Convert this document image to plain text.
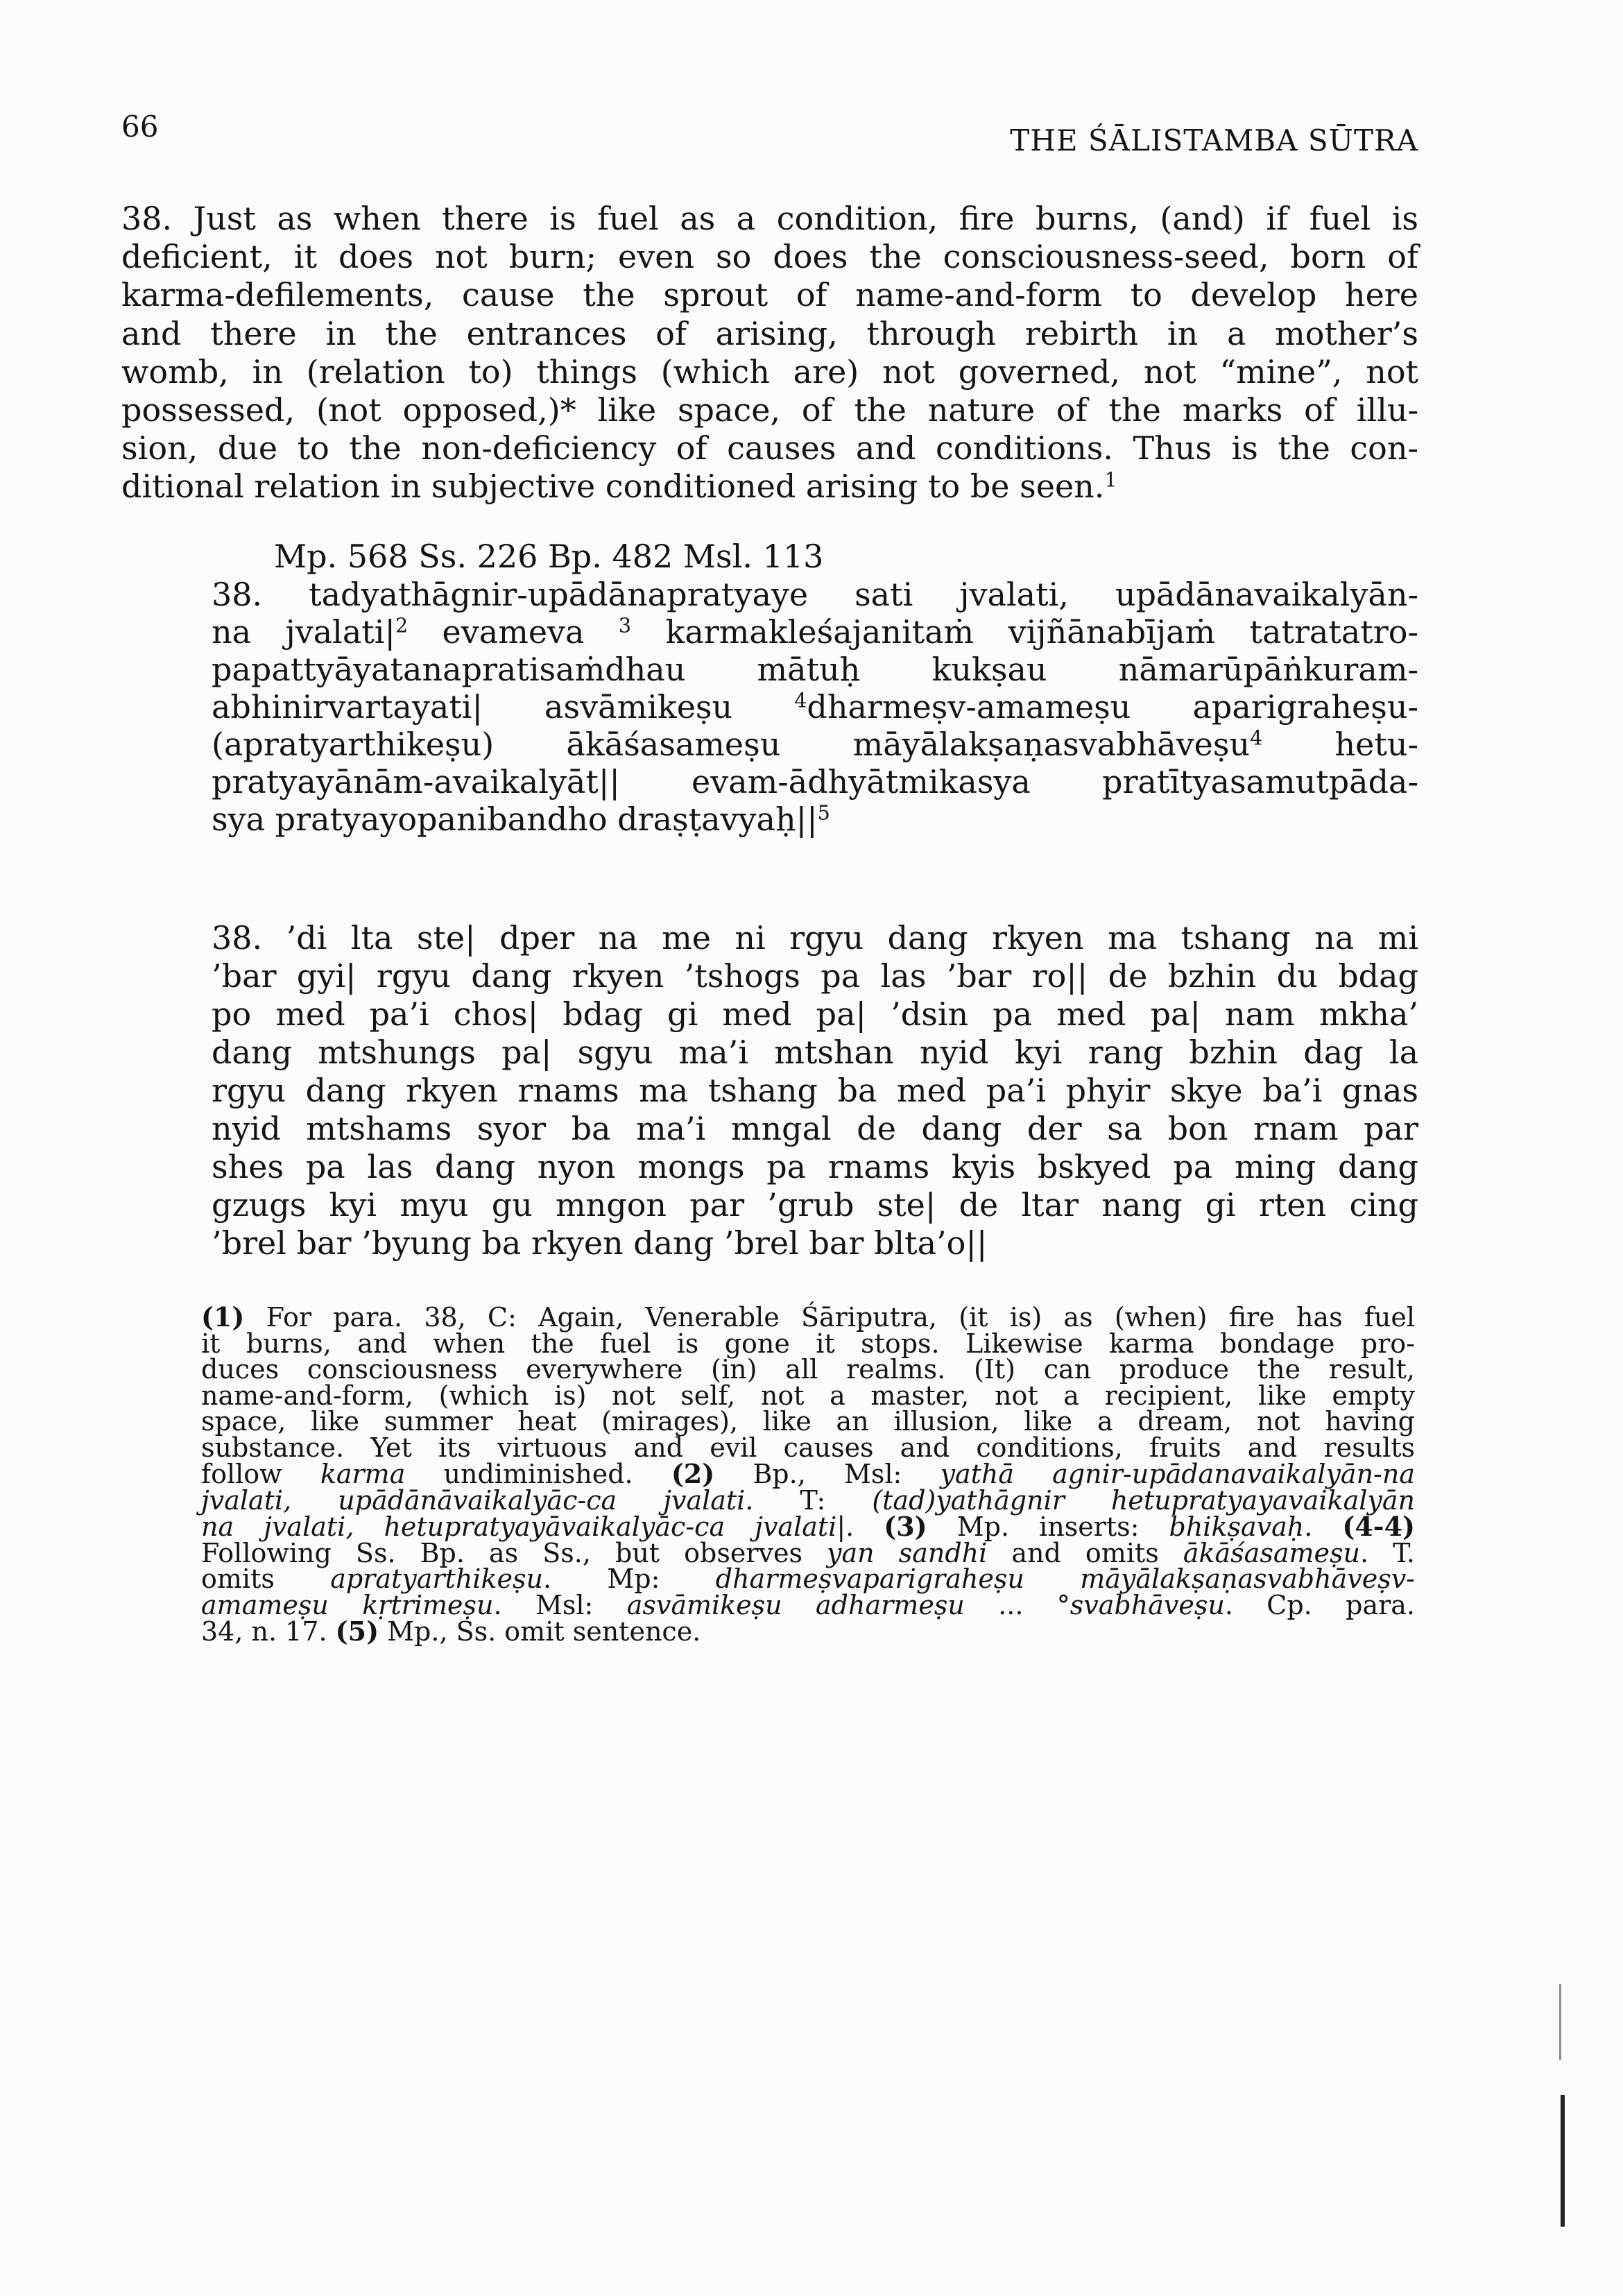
66	THE ŚĀLISTAMBA SŪTRA
38. Just as when there is fuel as a condition, fire burns, (and) if fuel is
deficient, it does not burn; even so does the consciousness-seed, born of
karma-defilements, cause the sprout of name-and-form to develop here
and there in the entrances of arising, through rebirth in a mother’s
womb, in (relation to) things (which are) not governed, not “mine”, not
possessed, (not opposed,)* like space, of the nature of the marks of illu-
sion, due to the non-deficiency of causes and conditions. Thus is the con-
ditional relation in subjective conditioned arising to be seen.$^1$
Mp. 568 Ss. 226 Bp. 482 Msl. 113
38. tadyathāgnir-upādānapratyaye sati jvalati, upādānavaikalyān-
na $jvalati|^2$ evameva $^3$ karmakleśajanitaṁ vijñānabījaṁ tatratatro-
papattyāyatanapratisaṁdhau mātuḥ kukṣau nāmarūpāṅkuram-
abhinirvartayati| asvāmikeṣu $^4$dharmeṣv-amameṣu aparigraheṣu-
(apratyarthikeṣu) ākāśasameṣu māyālakṣaṇasvabhāveṣu$^4$ hetu-
pratyayānām-avaikalyāt|| evam-ādhyātmikasya pratītyasamutpāda-
sya pratyayopanibandho $draṣṭavyaḥ||^5$
38. ’di lta ste| dper na me ni rgyu dang rkyen ma tshang na mi
’bar gyi| rgyu dang rkyen ’tshogs pa las ’bar ro|| de bzhin du bdag
po med pa’i chos| bdag gi med pa| ’dsin pa med pa| nam mkha’
dang mtshungs pa| sgyu ma’i mtshan nyid kyi rang bzhin dag la
rgyu dang rkyen rnams ma tshang ba med pa’i phyir skye ba’i gnas
nyid mtshams syor ba ma’i mngal de dang der sa bon rnam par
shes pa las dang nyon mongs pa rnams kyis bskyed pa ming dang
gzugs kyi myu gu mngon par ’grub ste| de ltar nang gi rten cing
’brel bar ’byung ba rkyen dang ’brel bar blta’o||
(1) For para. 38, C: Again, Venerable Śāriputra, (it is) as (when) fire has fuel
it burns, and when the fuel is gone it stops. Likewise karma bondage pro-
duces consciousness everywhere (in) all realms. (It) can produce the result,
name-and-form, (which is) not self, not a master, not a recipient, like empty
space, like summer heat (mirages), like an illusion, like a dream, not having
substance. Yet its virtuous and evil causes and conditions, fruits and results
follow karma undiminished. (2) Bp., Msl: yathā agnir-upādanavaikalyān-na
jvalati, upādānāvaikalyāc-ca jvalati. T: (tad)yathāgnir hetupratyayavaikalyān
na jvalati, hetupratyayāvaikalyāc-ca jvalati|. (3) Mp. inserts: bhikṣavaḥ. (4-4)
Following Ss. Bp. as Ss., but observes yan sandhi and omits ākāśasameṣu. T.
omits apratyarthikeṣu. Mp: dharmeṣvaparigraheṣu māyālakṣaṇasvabhāveṣv-
amameṣu kṛtrimeṣu. Msl: asvāmikeṣu adharmeṣu ... °svabhāveṣu. Cp. para.
34, n. 17. (5) Mp., Ss. omit sentence.
